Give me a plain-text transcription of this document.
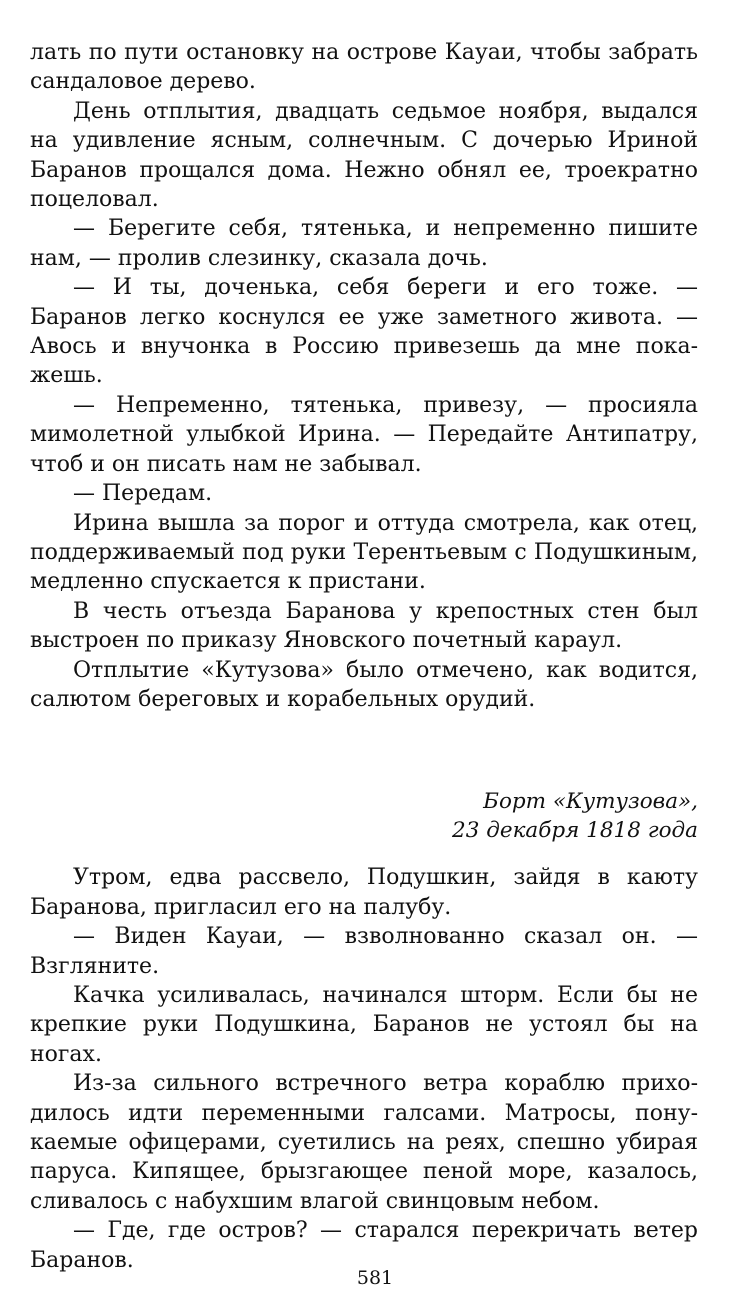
лать по пути остановку на острове Кауаи, чтобы забрать сандаловое дерево.

День отплытия, двадцать седьмое ноября, выдался на удивление ясным, солнечным. С дочерью Ириной Баранов прощался дома. Нежно обнял ее, троекратно поцеловал.

— Берегите себя, тятенька, и непременно пишите нам, — пролив слезинку, сказала дочь.

— И ты, доченька, себя береги и его тоже. — Баранов легко коснулся ее уже заметного живота. — Авось и внучонка в Россию привезешь да мне покажешь.

— Непременно, тятенька, привезу, — просияла мимолетной улыбкой Ирина. — Передайте Антипатру, чтоб и он писать нам не забывал.

— Передам.

Ирина вышла за порог и оттуда смотрела, как отец, поддерживаемый под руки Терентьевым с Подушкиным, медленно спускается к пристани.

В честь отъезда Баранова у крепостных стен был выстроен по приказу Яновского почетный караул.

Отплытие «Кутузова» было отмечено, как водится, салютом береговых и корабельных орудий.

Борт «Кутузова»,
23 декабря 1818 года

Утром, едва рассвело, Подушкин, зайдя в каюту Баранова, пригласил его на палубу.

— Виден Кауаи, — взволнованно сказал он. — Взгляните.

Качка усиливалась, начинался шторм. Если бы не крепкие руки Подушкина, Баранов не устоял бы на ногах.

Из-за сильного встречного ветра кораблю приходилось идти переменными галсами. Матросы, понукаемые офицерами, суетились на реях, спешно убирая паруса. Кипящее, брызгающее пеной море, казалось, сливалось с набухшим влагой свинцовым небом.

— Где, где остров? — старался перекричать ветер Баранов.

581
